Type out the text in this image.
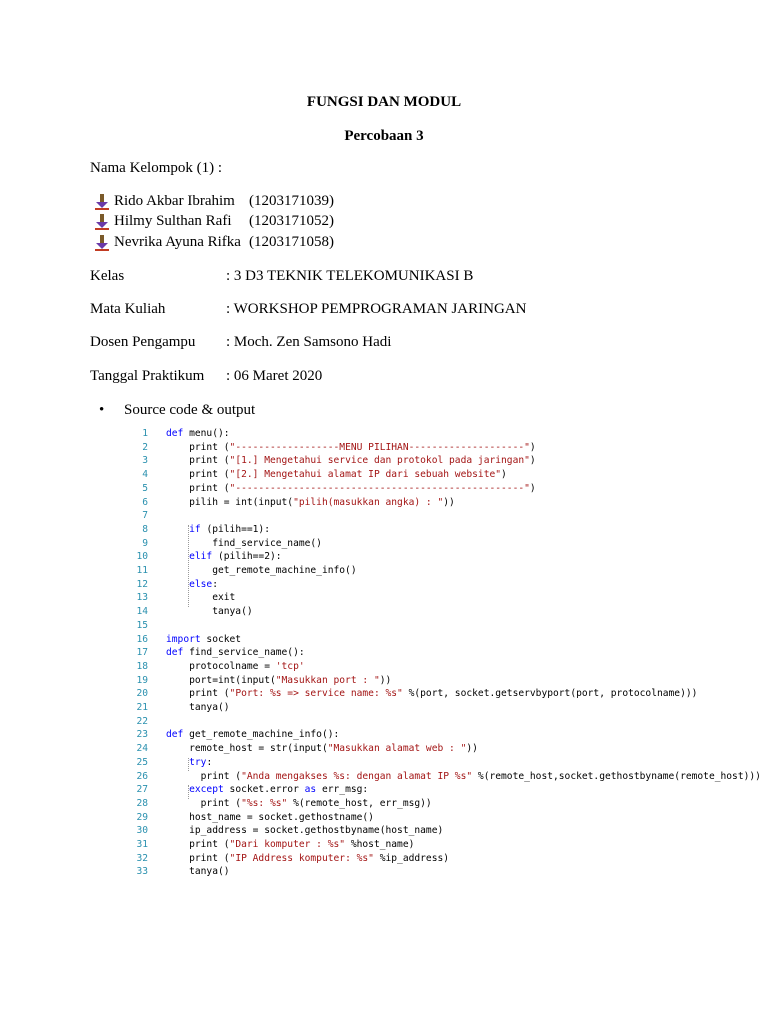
FUNGSI DAN MODUL
Percobaan 3
Nama Kelompok (1) :
Rido Akbar Ibrahim (1203171039)
Hilmy Sulthan Rafi (1203171052)
Nevrika Ayuna Rifka (1203171058)
Kelas	: 3 D3 TEKNIK TELEKOMUNIKASI B
Mata Kuliah	: WORKSHOP PEMPROGRAMAN JARINGAN
Dosen Pengampu : Moch. Zen Samsono Hadi
Tanggal Praktikum : 06 Maret 2020
• Source code & output
1 def menu():
2 print ("------------------MENU PILIHAN--------------------")
3 print ("[1.] Mengetahui service dan protokol pada jaringan")
4 print ("[2.] Mengetahui alamat IP dari sebuah website")
5 print ("--------------------------------------------------")
6 pilih = int(input("pilih(masukkan angka) : "))
7
8	if (pilih==1):
9 find_service_name()
10	elif (pilih==2):
11 get_remote_machine_info()
12	else:
13 exit
14 tanya()
15
16 import socket
17 def find_service_name():
18 protocolname = 'tcp'
19 port=int(input("Masukkan port : "))
20 print ("Port: %s => service name: %s" %(port, socket.getservbyport(port, protocolname)))
21 tanya()
22
23 def get_remote_machine_info():
24 remote_host = str(input("Masukkan alamat web : "))
25	try:
26 print ("Anda mengakses %s: dengan alamat IP %s" %(remote_host,socket.gethostbyname(remote_host)))
27	except socket.error as err_msg:
28 print ("%s: %s" %(remote_host, err_msg))
29 host_name = socket.gethostname()
30 ip_address = socket.gethostbyname(host_name)
31 print ("Dari komputer : %s" %host_name)
32 print ("IP Address komputer: %s" %ip_address)
33 tanya()
